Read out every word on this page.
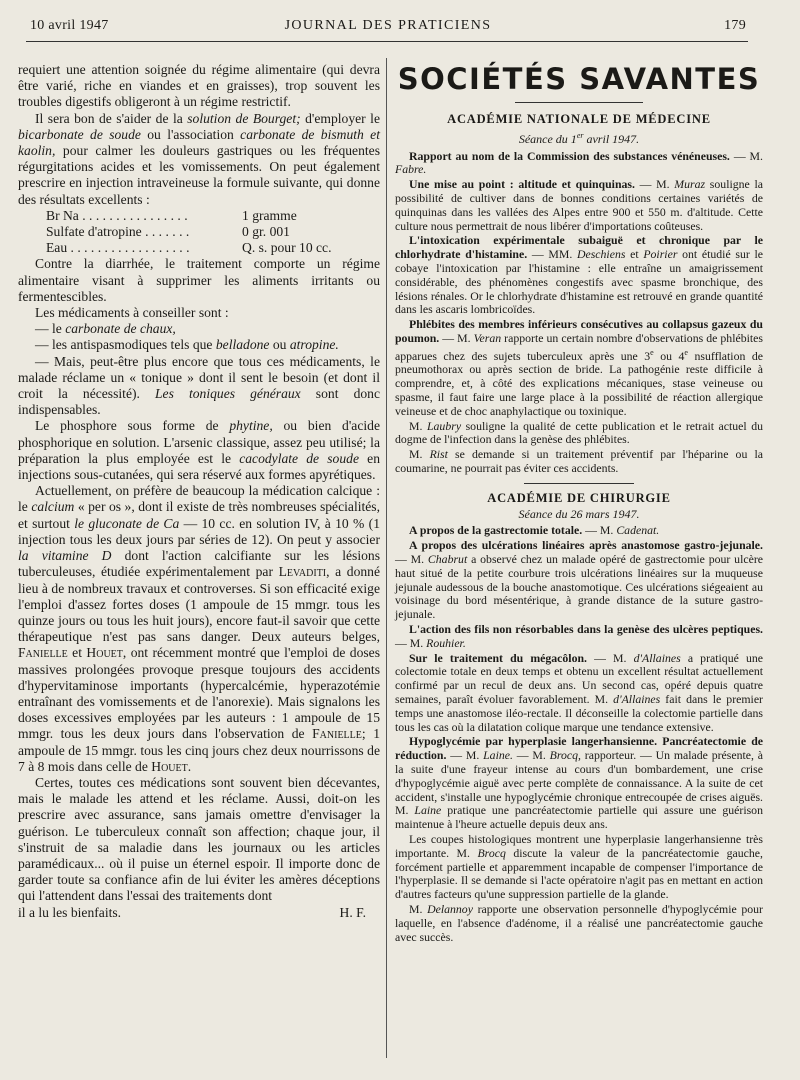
10 avril 1947	JOURNAL DES PRATICIENS	179

requiert une attention soignée du régime alimentaire (qui devra être varié, riche en viandes et en graisses), trop souvent les troubles digestifs obligeront à un régime restrictif.

Il sera bon de s'aider de la solution de Bourget; d'employer le bicarbonate de soude ou l'association carbonate de bismuth et kaolin, pour calmer les douleurs gastriques ou les fréquentes régurgitations acides et les vomissements. On peut également prescrire en injection intraveineuse la formule suivante, qui donne des résultats excellents :

Br Na . . . . . . . . . . . . . . . .	1 gramme
Sulfate d'atropine . . . . . . .	0 gr. 001
Eau . . . . . . . . . . . . . . . . . .	Q. s. pour 10 cc.

Contre la diarrhée, le traitement comporte un régime alimentaire visant à supprimer les aliments irritants ou fermentescibles.

Les médicaments à conseiller sont :

— le carbonate de chaux,

— les antispasmodiques tels que belladone ou atropine.

— Mais, peut-être plus encore que tous ces médicaments, le malade réclame un « tonique » dont il sent le besoin (et dont il croit la nécessité). Les toniques généraux sont donc indispensables.

Le phosphore sous forme de phytine, ou bien d'acide phosphorique en solution. L'arsenic classique, assez peu utilisé; la préparation la plus employée est le cacodylate de soude en injections sous-cutanées, qui sera réservé aux formes apyrétiques.

Actuellement, on préfère de beaucoup la médication calcique : le calcium « per os », dont il existe de très nombreuses spécialités, et surtout le gluconate de Ca — 10 cc. en solution IV, à 10 % (1 injection tous les deux jours par séries de 12). On peut y associer la vitamine D dont l'action calcifiante sur les lésions tuberculeuses, étudiée expérimentalement par Levaditi, a donné lieu à de nombreux travaux et controverses. Si son efficacité exige l'emploi d'assez fortes doses (1 ampoule de 15 mmgr. tous les quinze jours ou tous les huit jours), encore faut-il savoir que cette thérapeutique n'est pas sans danger. Deux auteurs belges, Fanielle et Houet, ont récemment montré que l'emploi de doses massives prolongées provoque presque toujours des accidents d'hypervitaminose importants (hypercalcémie, hyperazotémie entraînant des vomissements et de l'anorexie). Mais signalons les doses excessives employées par les auteurs : 1 ampoule de 15 mmgr. tous les deux jours dans l'observation de Fanielle; 1 ampoule de 15 mmgr. tous les cinq jours chez deux nourrissons de 7 à 8 mois dans celle de Houet.

Certes, toutes ces médications sont souvent bien décevantes, mais le malade les attend et les réclame. Aussi, doit-on les prescrire avec assurance, sans jamais omettre d'envisager la guérison. Le tuberculeux connaît son affection; chaque jour, il s'instruit de sa maladie dans les journaux ou les articles paramédicaux... où il puise un éternel espoir. Il importe donc de garder toute sa confiance afin de lui éviter les amères déceptions qui l'attendent dans l'essai des traitements dont

il a lu les bienfaits.	H. F.
SOCIÉTÉS SAVANTES
ACADÉMIE NATIONALE DE MÉDECINE
Séance du 1er avril 1947.

Rapport au nom de la Commission des substances vénéneuses. — M. Fabre.

Une mise au point : altitude et quinquinas. — M. Muraz souligne la possibilité de cultiver dans de bonnes conditions certaines variétés de quinquinas dans les vallées des Alpes entre 900 et 550 m. d'altitude. Cette culture nous permettrait de nous libérer d'importations coûteuses.

L'intoxication expérimentale subaiguë et chronique par le chlorhydrate d'histamine. — MM. Deschiens et Poirier ont étudié sur le cobaye l'intoxication par l'histamine : elle entraîne un amaigrissement considérable, des phénomènes congestifs avec spasme bronchique, des lésions rénales. Or le chlorhydrate d'histamine est retrouvé en grande quantité dans les ascaris lombricoïdes.

Phlébites des membres inférieurs consécutives au collapsus gazeux du poumon. — M. Veran rapporte un certain nombre d'observations de phlébites apparues chez des sujets tuberculeux après une 3e ou 4e nsufflation de pneumothorax ou après section de bride. La pathogénie reste difficile à comprendre, et, à côté des explications mécaniques, stase veineuse ou spasme, il faut faire une large place à la possibilité de réaction allergique veineuse et de choc anaphylactique ou toxinique.

M. Laubry souligne la qualité de cette publication et le retrait actuel du dogme de l'infection dans la genèse des phlébites.

M. Rist se demande si un traitement préventif par l'héparine ou la coumarine, ne pourrait pas éviter ces accidents.

ACADÉMIE DE CHIRURGIE
Séance du 26 mars 1947.

A propos de la gastrectomie totale. — M. Cadenat.

A propos des ulcérations linéaires après anastomose gastro-jejunale. — M. Chabrut a observé chez un malade opéré de gastrectomie pour ulcère haut situé de la petite courbure trois ulcérations linéaires sur la muqueuse jejunale audessous de la bouche anastomotique. Ces ulcérations siégeaient au voisinage du bord mésentérique, à grande distance de la suture gastro-jejunale.

L'action des fils non résorbables dans la genèse des ulcères peptiques. — M. Rouhier.

Sur le traitement du mégacôlon. — M. d'Allaines a pratiqué une colectomie totale en deux temps et obtenu un excellent résultat actuellement confirmé par un recul de deux ans. Un second cas, opéré depuis quatre semaines, paraît évoluer favorablement. M. d'Allaines fait dans le premier temps une anastomose iléo-rectale. Il déconseille la colectomie partielle dans tous les cas où la dilatation colique marque une tendance extensive.

Hypoglycémie par hyperplasie langerhansienne. Pancréatectomie de réduction. — M. Laine. — M. Brocq, rapporteur. — Un malade présente, à la suite d'une frayeur intense au cours d'un bombardement, une crise d'hypoglycémie aiguë avec perte complète de connaissance. A la suite de cet accident, s'installe une hypoglycémie chronique entrecoupée de crises aiguës. M. Laine pratique une pancréatectomie partielle qui assure une guérison maintenue à l'heure actuelle depuis deux ans.

Les coupes histologiques montrent une hyperplasie langerhansienne très importante. M. Brocq discute la valeur de la pancréatectomie gauche, forcément partielle et apparemment incapable de compenser l'importance de l'hyperplasie. Il se demande si l'acte opératoire n'agit pas en mettant en action d'autres facteurs qu'une suppression partielle de la glande.

M. Delannoy rapporte une observation personnelle d'hypoglycémie pour laquelle, en l'absence d'adénome, il a réalisé une pancréatectomie gauche avec succès.
